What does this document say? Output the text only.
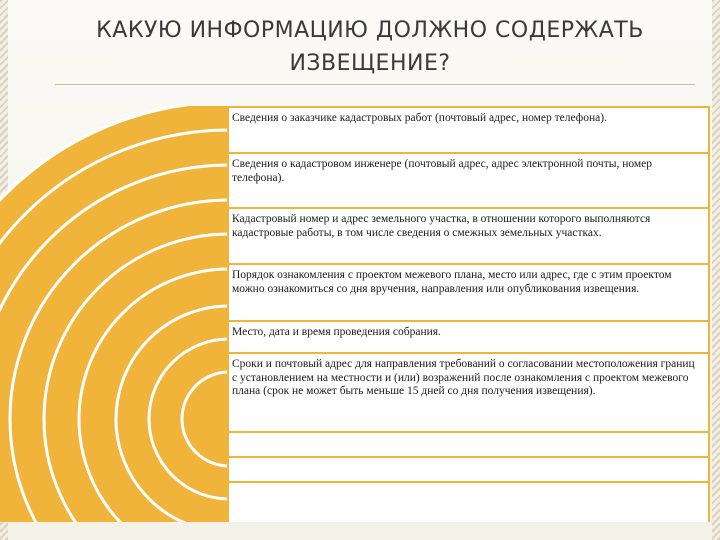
КАКУЮ ИНФОРМАЦИЮ ДОЛЖНО СОДЕРЖАТЬ
ИЗВЕЩЕНИЕ?
Сведения о заказчике кадастровых работ (почтовый адрес, номер телефона).
Сведения о кадастровом инженере (почтовый адрес, адрес электронной почты, номер телефона).
Кадастровый номер и адрес земельного участка, в отношении которого выполняются кадастровые работы, в том числе сведения о смежных земельных участках.
Порядок ознакомления с проектом межевого плана, место или адрес, где с этим проектом можно ознакомиться со дня вручения, направления или опубликования извещения.
Место, дата и время проведения собрания.
Сроки и почтовый адрес для направления требований о согласовании местоположения границ с установлением на местности и (или) возражений после ознакомления с проектом межевого плана (срок не может быть меньше 15 дней со дня получения извещения).
